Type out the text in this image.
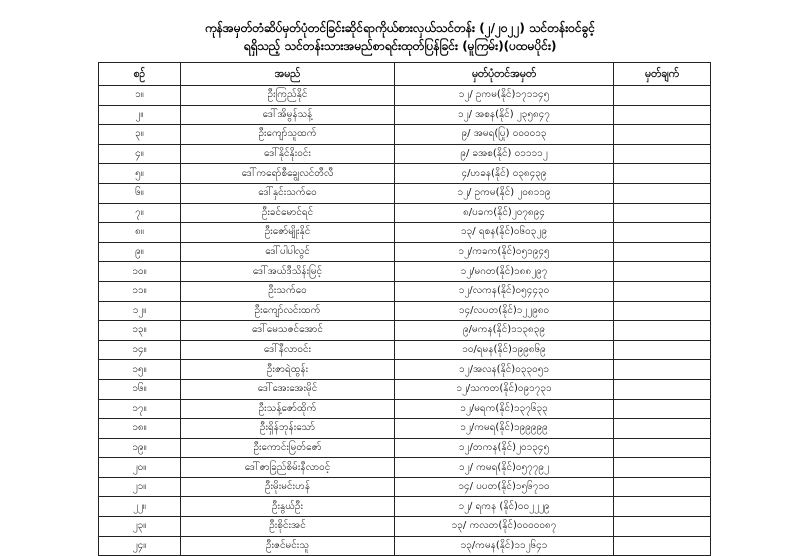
ကုန်အမှတ်တံဆိပ်မှတ်ပုံတင်ခြင်းဆိုင်ရာကိုယ်စားလှယ်သင်တန်း (၂/၂၀၂၂) သင်တန်းဝင်ခွင့်
ရရှိသည့် သင်တန်းသားအမည်စာရင်းထုတ်ပြန်ခြင်း (မူကြမ်း)(ပထမပိုင်း)
စဉ်	အမည်	မှတ်ပုံတင်အမှတ်	မှတ်ချက်
၁။	ဦးကြည်နိုင်	၁၂/ ဥကမ(နိုင်)၁၇၁၁၄၅	
၂။	ဒေါ်အိမွန်သန့်	၁၂/ အစန(နိုင်) ၂၃၅၈၄၇	
၃။	ဦးကျော်သူထက်	၉/ အမရ(ပြု) ၀၀၀၀၁၃	
၄။	ဒေါ်နိုင်နိုးဝင်း	၉/ ခအစ(နိုင်) ၀၁၁၁၁၂	
၅။	ဒေါ်ကရော်စီချွေလင်တီလီ	၄/ဟခန(နိုင်) ၀၃၈၄၃၉	
၆။	ဒေါ်နှင်းသက်ဝေ	၁၂/ ဥကမ(နိုင်) ၂၀၈၁၁၉	
၇။	ဦးခင်မောင်ရင်	၈/ပခက(နိုင်)၂၀၇၈၉၄	
၈။	ဦးဇော်မျိုးနိုင်	၁၃/ ရစန(နိုင်)၀၆၀၃၂၉	
၉။	ဒေါ်ပါပါလွင်	၁၂/ကခက(နိုင်)၀၅၁၉၄၅	
၁၀။	ဒေါ်အယ်ဒီသိန်းမြင့်	၁၂/မဂတ(နိုင်)၁၈၈၂၉၇	
၁၁။	ဦးသက်ဝေ	၁၂/လကန(နိုင်)၀၅၄၄၃၀	
၁၂။	ဦးကျော်လင်းထက်	၁၄/လပတ(နိုင်)၁၂၂၉၈၀	
၁၃။	ဒေါ်မေသဇင်အောင်	၉/မကန(နိုင်)၁၁၃၈၃၉	
၁၄။	ဒေါ်နီလာဝင်း	၁၀/ရမန(နိုင်)၁၉၉၈၆၉	
၁၅။	ဦးဇာရဲထွန်း	၁၂/အလန(နိုင်)၀၃၃၀၅၁	
၁၆။	ဒေါ်အေးအေးမိုင်	၁၂/သကတ(နိုင်)၀၉၁၇၃၁	
၁၇။	ဦးသန့်ဇော်ထိုက်	၁၂/မရက(နိုင်)၁၃၇၆၃၃	
၁၈။	ဦးရှိန်ဘုန်းသော်	၁၂/ကမရ(နိုင်)၁၉၉၉၉၉	
၁၉။	ဦးကောင်းမြတ်ဇော်	၁၂/တကန(နိုင်)၂၀၁၃၄၅	
၂၀။	ဒေါ်ဇာခြည်စိမ်းနီလာဝင့်	၁၂/ ကမရ(နိုင်)၀၅၇၇၉၂	
၂၁။	ဦးမိုးမင်းဟန်	၁၄/ ပပတ(နိုင်)၁၅၆၇၁၀	
၂၂။	ဦးနွယ်ဦး	၁၂/ ရကန (နိုင်)၀၀၂၂၂၉	
၂၃။	ဦးစိုင်းအင်	၁၃/ ကလတ(နိုင်)၀၀၀၀၀၈၇	
၂၄။	ဦးဇင်မင်းသူ	၁၃/ကမန(နိုင်)၁၁၂၆၄၁	
